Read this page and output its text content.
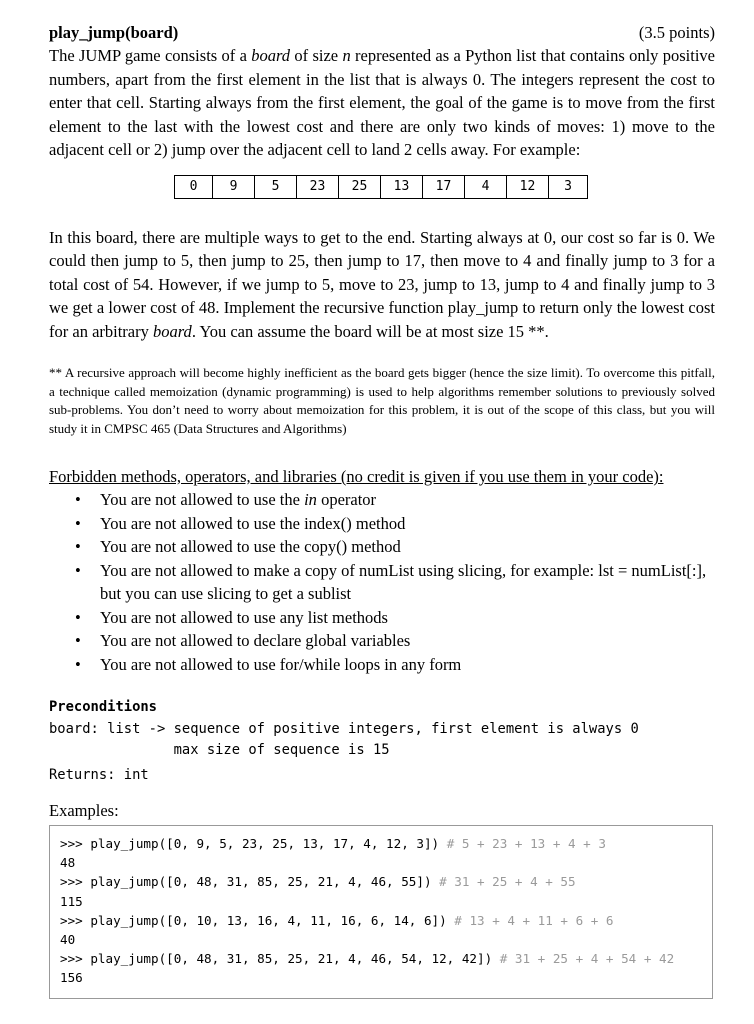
play_jump(board)	(3.5 points)

The JUMP game consists of a board of size n represented as a Python list that contains only positive numbers, apart from the first element in the list that is always 0. The integers represent the cost to enter that cell. Starting always from the first element, the goal of the game is to move from the first element to the last with the lowest cost and there are only two kinds of moves: 1) move to the adjacent cell or 2) jump over the adjacent cell to land 2 cells away. For example:

0	9	5	23	25	13	17	4	12	3

In this board, there are multiple ways to get to the end. Starting always at 0, our cost so far is 0. We could then jump to 5, then jump to 25, then jump to 17, then move to 4 and finally jump to 3 for a total cost of 54. However, if we jump to 5, move to 23, jump to 13, jump to 4 and finally jump to 3 we get a lower cost of 48. Implement the recursive function play_jump to return only the lowest cost for an arbitrary board. You can assume the board will be at most size 15 **.

** A recursive approach will become highly inefficient as the board gets bigger (hence the size limit). To overcome this pitfall, a technique called memoization (dynamic programming) is used to help algorithms remember solutions to previously solved sub-problems. You don’t need to worry about memoization for this problem, it is out of the scope of this class, but you will study it in CMPSC 465 (Data Structures and Algorithms)

Forbidden methods, operators, and libraries (no credit is given if you use them in your code):
• You are not allowed to use the in operator
• You are not allowed to use the index() method
• You are not allowed to use the copy() method
• You are not allowed to make a copy of numList using slicing, for example: lst = numList[:], but you can use slicing to get a sublist
• You are not allowed to use any list methods
• You are not allowed to declare global variables
• You are not allowed to use for/while loops in any form
Preconditions
board: list -> sequence of positive integers, first element is always 0
max size of sequence is 15
Returns: int
Examples:
>>> play_jump([0, 9, 5, 23, 25, 13, 17, 4, 12, 3]) # 5 + 23 + 13 + 4 + 3
48
>>> play_jump([0, 48, 31, 85, 25, 21, 4, 46, 55]) # 31 + 25 + 4 + 55
115
>>> play_jump([0, 10, 13, 16, 4, 11, 16, 6, 14, 6]) # 13 + 4 + 11 + 6 + 6
40
>>> play_jump([0, 48, 31, 85, 25, 21, 4, 46, 54, 12, 42]) # 31 + 25 + 4 + 54 + 42
156
